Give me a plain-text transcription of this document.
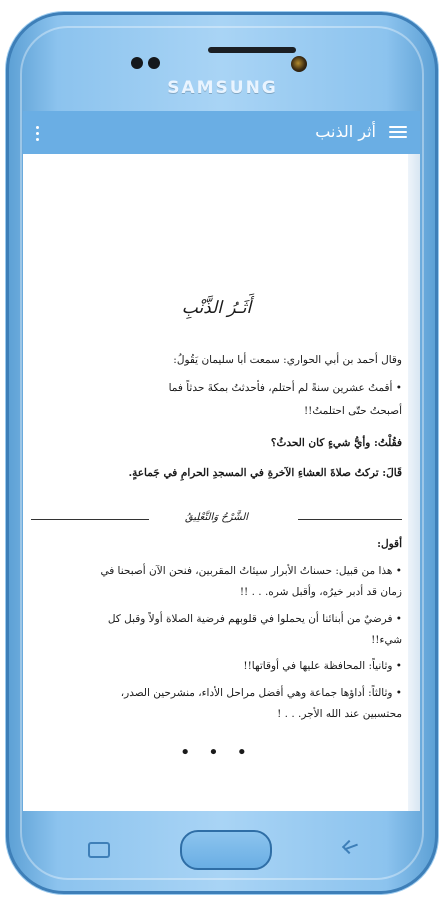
SAMSUNG
أثر الذنب
أَثَـرُ الذَّنْبِ
وقال أحمد بن أبي الحواري: سمعت أبا سليمان يَقُولُ:
• أقمتُ عشرين سنةً لم أحتلم، فأحدثتُ بمكةَ حدثاً فما
أصبحتُ حتّى احتلمتُ!!
فقُلْتُ: وأيُّ شيءٍ كان الحدثُ؟
قَالَ: تركتُ صلاةَ العشاءِ الآخرةِ في المسجدِ الحرامِ في جَماعةٍ.
الشَّرْحُ وَالتَّعْلِيقُ
أقول:
• هذا من قبيل: حسناتُ الأبرار سيئاتُ المقربين، فنحن الآن أصبحنا في
زمان قد أدبر خيرُه، وأقبل شره. . . !!
• فرضيٌ من أبنائنا أن يحملوا في قلوبهم فرضية الصلاة أولاً وقبل كل
شيء!!
• وثانياً: المحافظة عليها في أوقاتها!!
• وثالثاً: أداؤها جماعة وهي أفضل مراحل الأداء، منشرحين الصدر،
محتسبين عند الله الأجر. . . !
• • •
